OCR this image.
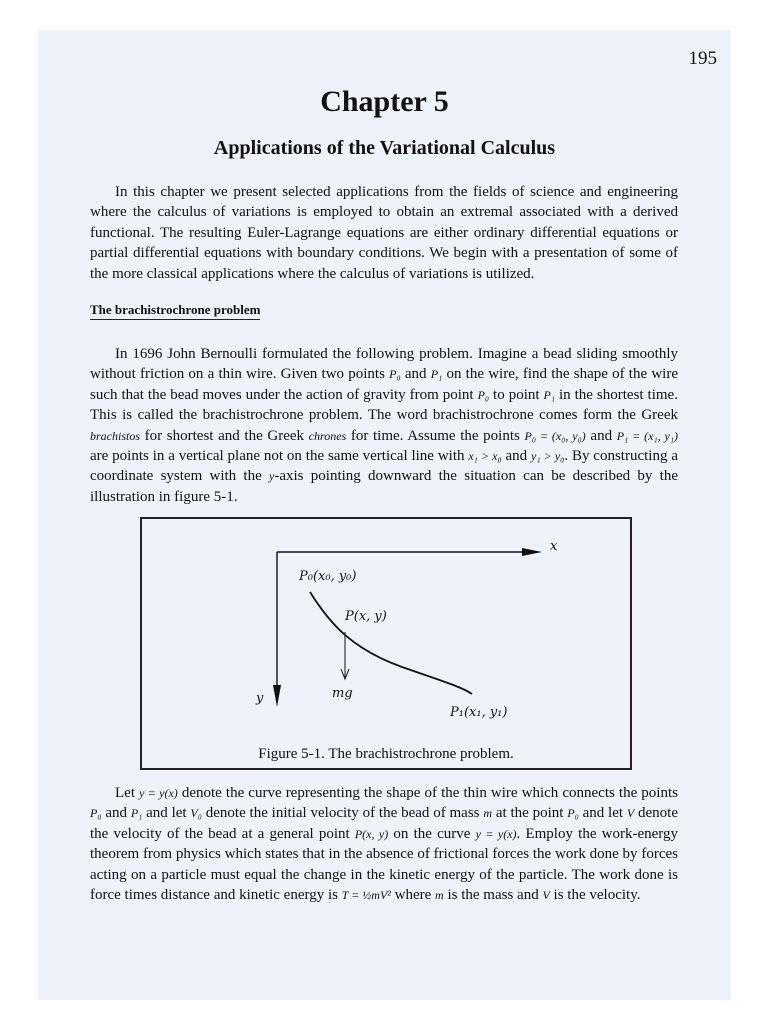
195
Chapter 5
Applications of the Variational Calculus

In this chapter we present selected applications from the fields of science and engineering where the calculus of variations is employed to obtain an extremal associated with a derived functional. The resulting Euler-Lagrange equations are either ordinary differential equations or partial differential equations with boundary conditions. We begin with a presentation of some of the more classical applications where the calculus of variations is utilized.

The brachistrochrone problem

In 1696 John Bernoulli formulated the following problem. Imagine a bead sliding smoothly without friction on a thin wire. Given two points P₀ and P₁ on the wire, find the shape of the wire such that the bead moves under the action of gravity from point P₀ to point P₁ in the shortest time. This is called the brachistrochrone problem. The word brachistrochrone comes form the Greek brachistos for shortest and the Greek chrones for time. Assume the points P₀ = (x₀, y₀) and P₁ = (x₁, y₁) are points in a vertical plane not on the same vertical line with x₁ > x₀ and y₁ > y₀. By constructing a coordinate system with the y-axis pointing downward the situation can be described by the illustration in figure 5-1.

x
y
P₀(x₀, y₀)
P(x, y)
mg
P₁(x₁, y₁)
Figure 5-1. The brachistrochrone problem.

Let y = y(x) denote the curve representing the shape of the thin wire which connects the points P₀ and P₁ and let V₀ denote the initial velocity of the bead of mass m at the point P₀ and let V denote the velocity of the bead at a general point P(x, y) on the curve y = y(x). Employ the work-energy theorem from physics which states that in the absence of frictional forces the work done by forces acting on a particle must equal the change in the kinetic energy of the particle. The work done is force times distance and kinetic energy is T = ½mV² where m is the mass and V is the velocity.
